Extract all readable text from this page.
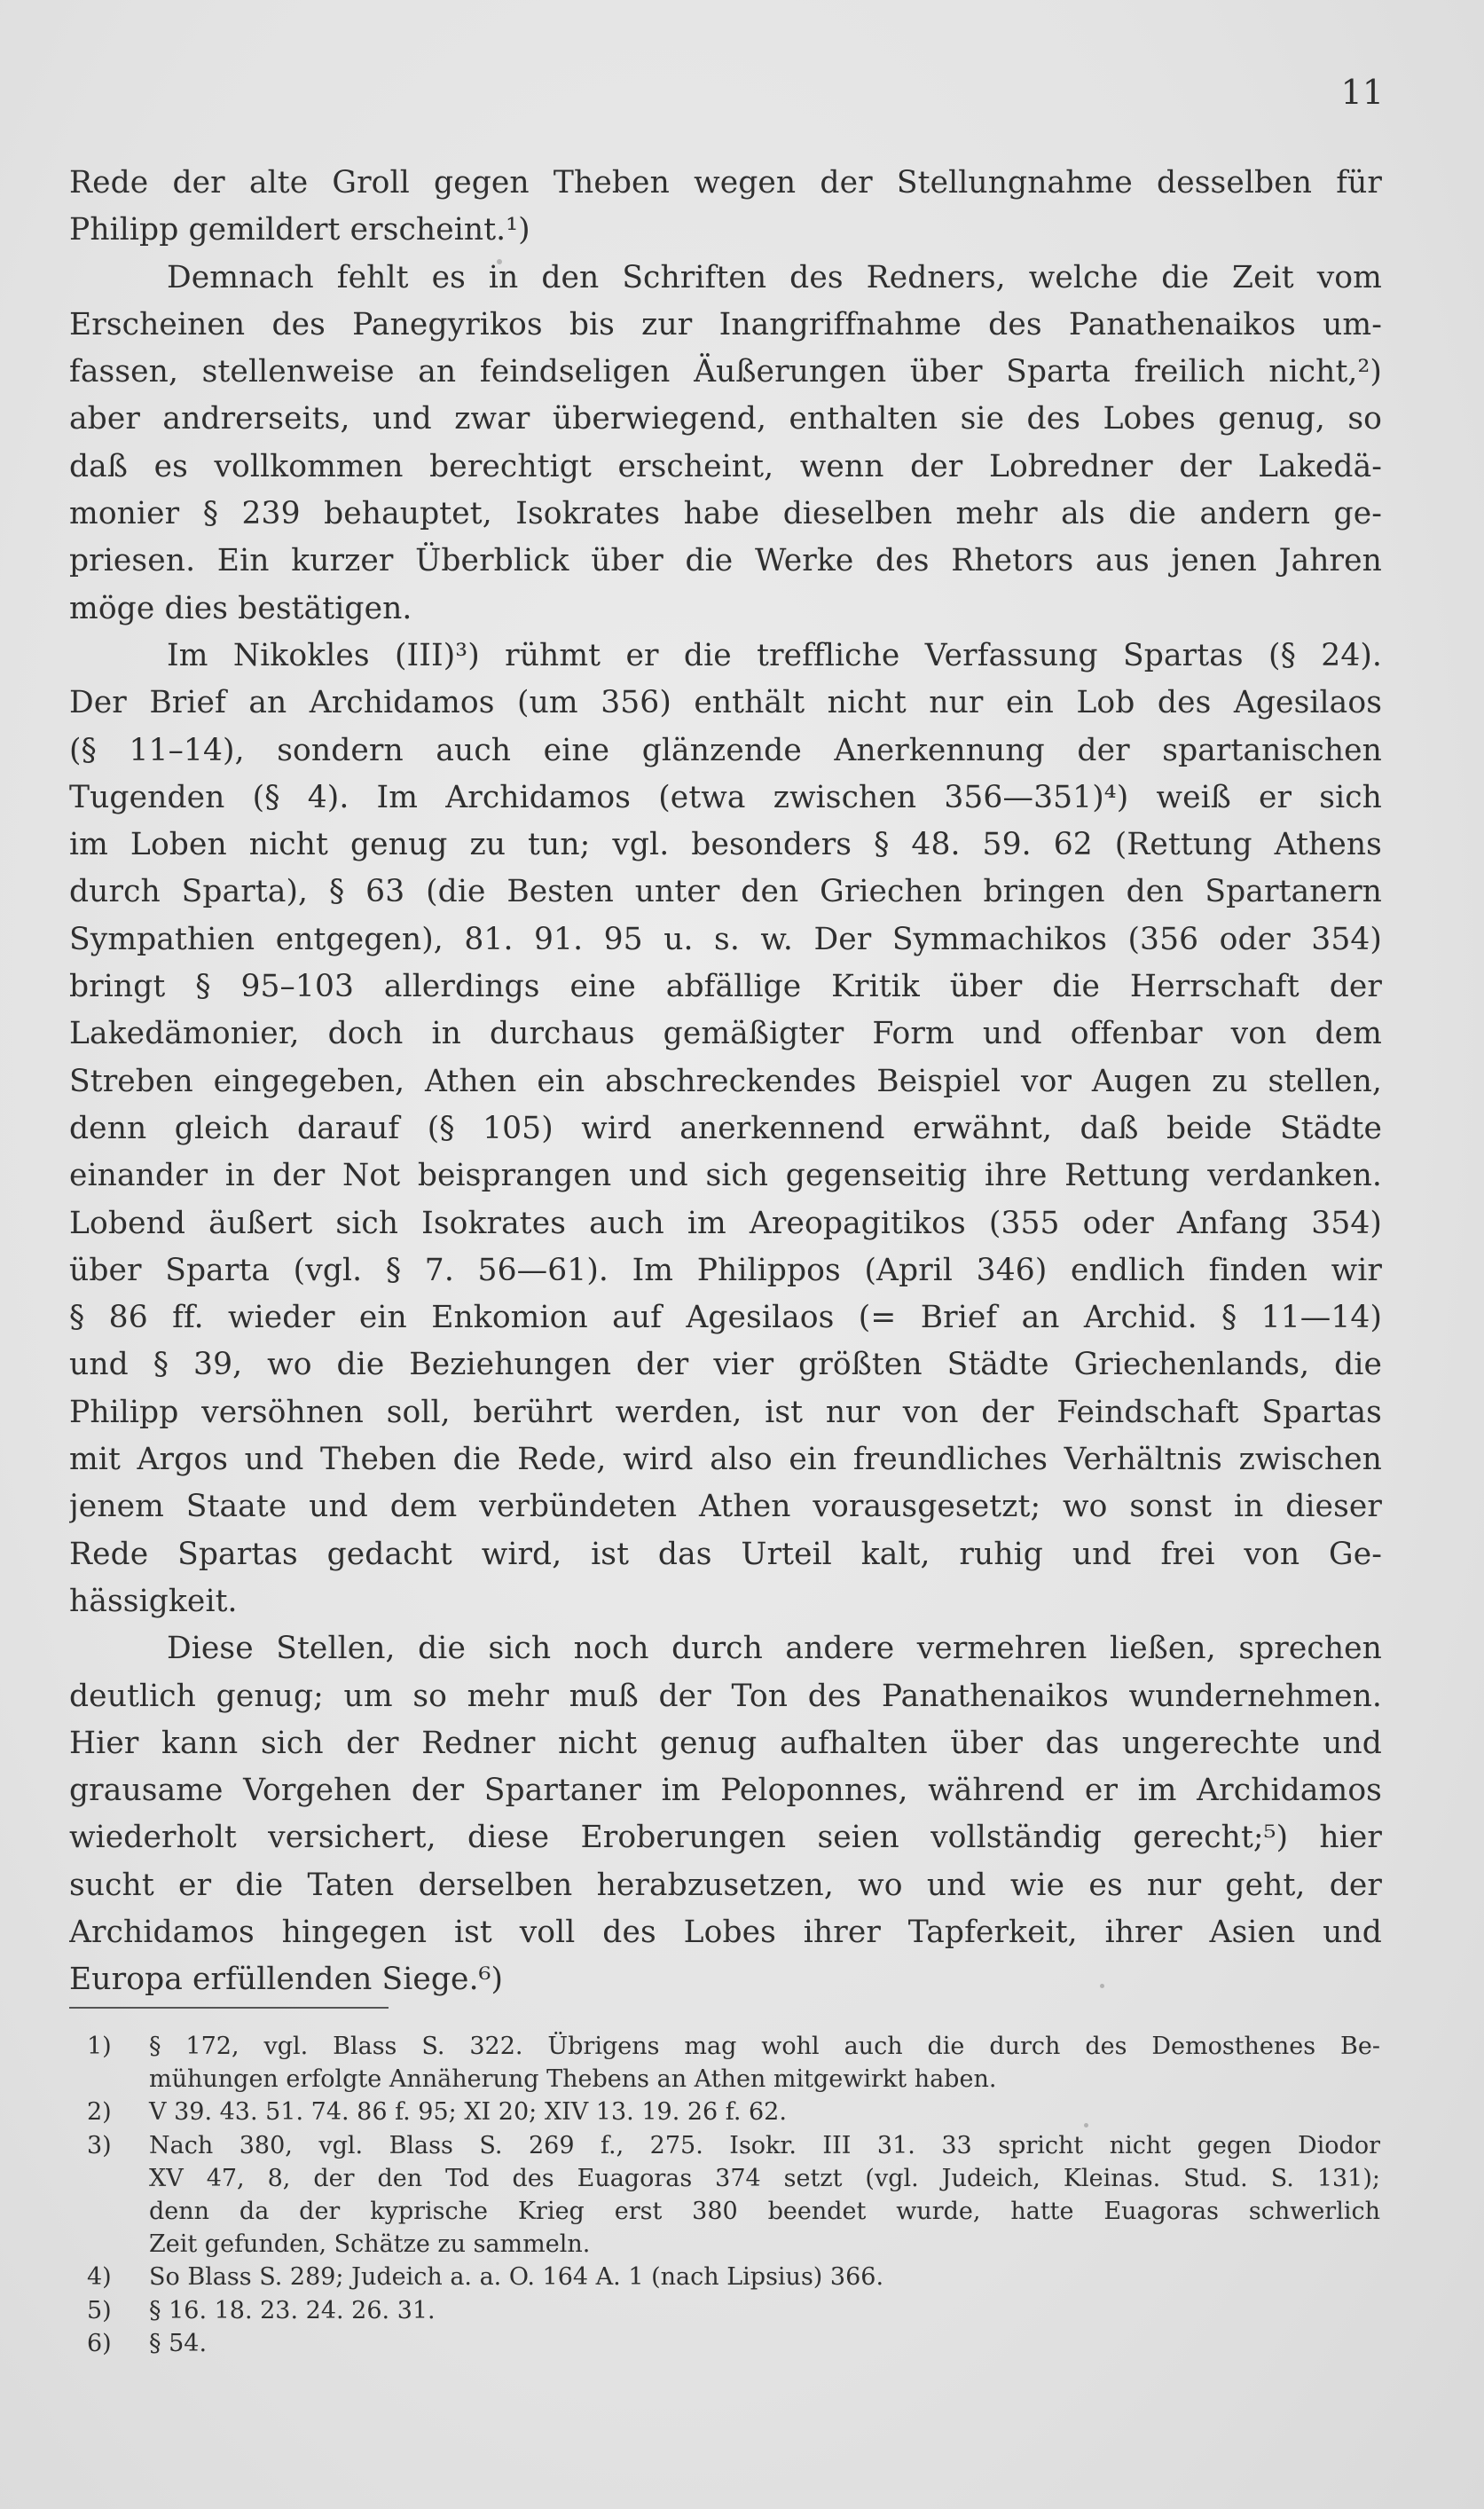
11
Rede der alte Groll gegen Theben wegen der Stellungnahme desselben für
Philipp gemildert erscheint.¹)
Demnach fehlt es in den Schriften des Redners, welche die Zeit vom
Erscheinen des Panegyrikos bis zur Inangriffnahme des Panathenaikos um-
fassen, stellenweise an feindseligen Äußerungen über Sparta freilich nicht,²)
aber andrerseits, und zwar überwiegend, enthalten sie des Lobes genug, so
daß es vollkommen berechtigt erscheint, wenn der Lobredner der Lakedä-
monier § 239 behauptet, Isokrates habe dieselben mehr als die andern ge-
priesen. Ein kurzer Überblick über die Werke des Rhetors aus jenen Jahren
möge dies bestätigen.
Im Nikokles (III)³) rühmt er die treffliche Verfassung Spartas (§ 24).
Der Brief an Archidamos (um 356) enthält nicht nur ein Lob des Agesilaos
(§ 11–14), sondern auch eine glänzende Anerkennung der spartanischen
Tugenden (§ 4). Im Archidamos (etwa zwischen 356—351)⁴) weiß er sich
im Loben nicht genug zu tun; vgl. besonders § 48. 59. 62 (Rettung Athens
durch Sparta), § 63 (die Besten unter den Griechen bringen den Spartanern
Sympathien entgegen), 81. 91. 95 u. s. w. Der Symmachikos (356 oder 354)
bringt § 95–103 allerdings eine abfällige Kritik über die Herrschaft der
Lakedämonier, doch in durchaus gemäßigter Form und offenbar von dem
Streben eingegeben, Athen ein abschreckendes Beispiel vor Augen zu stellen,
denn gleich darauf (§ 105) wird anerkennend erwähnt, daß beide Städte
einander in der Not beisprangen und sich gegenseitig ihre Rettung verdanken.
Lobend äußert sich Isokrates auch im Areopagitikos (355 oder Anfang 354)
über Sparta (vgl. § 7. 56—61). Im Philippos (April 346) endlich finden wir
§ 86 ff. wieder ein Enkomion auf Agesilaos (= Brief an Archid. § 11—14)
und § 39, wo die Beziehungen der vier größten Städte Griechenlands, die
Philipp versöhnen soll, berührt werden, ist nur von der Feindschaft Spartas
mit Argos und Theben die Rede, wird also ein freundliches Verhältnis zwischen
jenem Staate und dem verbündeten Athen vorausgesetzt; wo sonst in dieser
Rede Spartas gedacht wird, ist das Urteil kalt, ruhig und frei von Ge-
hässigkeit.
Diese Stellen, die sich noch durch andere vermehren ließen, sprechen
deutlich genug; um so mehr muß der Ton des Panathenaikos wundernehmen.
Hier kann sich der Redner nicht genug aufhalten über das ungerechte und
grausame Vorgehen der Spartaner im Peloponnes, während er im Archidamos
wiederholt versichert, diese Eroberungen seien vollständig gerecht;⁵) hier
sucht er die Taten derselben herabzusetzen, wo und wie es nur geht, der
Archidamos hingegen ist voll des Lobes ihrer Tapferkeit, ihrer Asien und
Europa erfüllenden Siege.⁶)
1) § 172, vgl. Blass S. 322. Übrigens mag wohl auch die durch des Demosthenes Be-
mühungen erfolgte Annäherung Thebens an Athen mitgewirkt haben.
2) V 39. 43. 51. 74. 86 f. 95; XI 20; XIV 13. 19. 26 f. 62.
3) Nach 380, vgl. Blass S. 269 f., 275. Isokr. III 31. 33 spricht nicht gegen Diodor
XV 47, 8, der den Tod des Euagoras 374 setzt (vgl. Judeich, Kleinas. Stud. S. 131);
denn da der kyprische Krieg erst 380 beendet wurde, hatte Euagoras schwerlich
Zeit gefunden, Schätze zu sammeln.
4) So Blass S. 289; Judeich a. a. O. 164 A. 1 (nach Lipsius) 366.
5) § 16. 18. 23. 24. 26. 31.
6) § 54.
